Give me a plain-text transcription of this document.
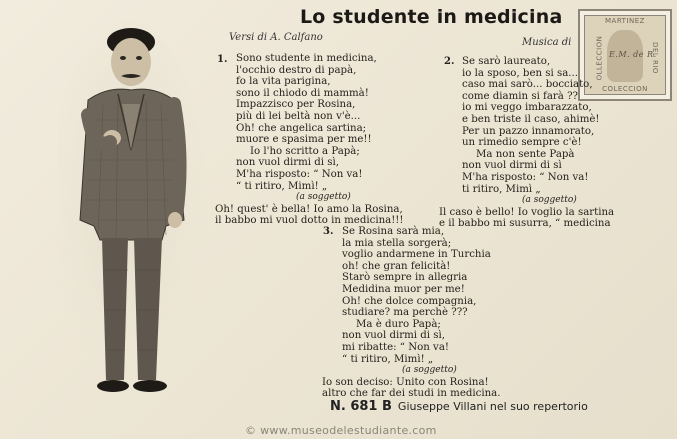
Lo studente in medicina
Versi di A. Calfano	Musica di
MARTINEZ
OLLECCION	DEL RIO
COLECCION
E.M. de R.
1. Sono studente in medicina,
l'occhio destro di papà,
fo la vita parigina,
sono il chiodo di mammà!
Impazzisco per Rosina,
più di lei beltà non v'è...
Oh! che angelica sartina;
muore e spasima per me!!
Io l'ho scritto a Papà;
non vuol dirmi di sì,
M'ha risposto: “ Non va!
“ ti ritiro, Mimì! „
(a soggetto)
Oh! quest' è bella! Io amo la Rosina,
il babbo mi vuol dotto in medicina!!!
2. Se sarò laureato,
io la sposo, ben si sa...
caso mai sarò... bocciato,
come diamin si farà ??
io mi veggo imbarazzato,
e ben triste il caso, ahimè!
Per un pazzo innamorato,
un rimedio sempre c'è!
Ma non sente Papà
non vuol dirmi di sì
M'ha risposto: “ Non va!
ti ritiro, Mimì „
(a soggetto)
Il caso è bello! Io voglio la sartina
e il babbo mi susurra, “ medicina
3. Se Rosina sarà mia,
la mia stella sorgerà;
voglio andarmene in Turchia
oh! che gran felicità!
Starò sempre in allegria
Medidina muor per me!
Oh! che dolce compagnia,
studiare? ma perchè ???
Ma è duro Papà;
non vuol dirmi di sì,
mi ribatte: “ Non va!
“ ti ritiro, Mimì! „
(a soggetto)
Io son deciso: Unito con Rosina!
altro che far dei studi in medicina.
N. 681 B Giuseppe Villani nel suo repertorio
© www.museodelestudiante.com
